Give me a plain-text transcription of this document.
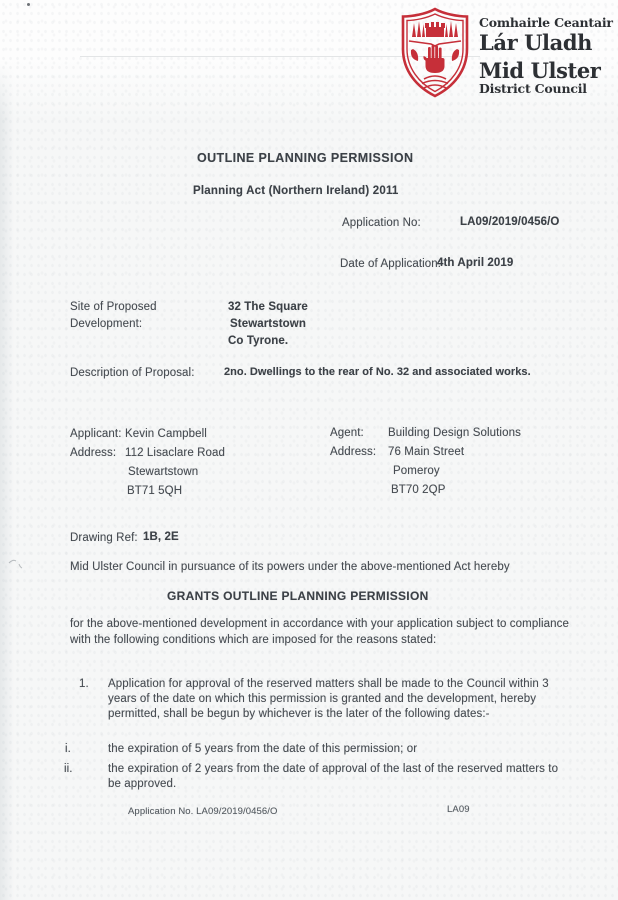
Comhairle Ceantair
Lár Uladh
Mid Ulster
District Council
OUTLINE PLANNING PERMISSION
Planning Act (Northern Ireland) 2011
Application No:	LA09/2019/0456/O
Date of Application:
4th April 2019
Site of Proposed Development:
32 The Square
Stewartstown
Co Tyrone.
Description of Proposal:	2no. Dwellings to the rear of No. 32 and associated works.
Applicant: Kevin Campbell
Address: 112 Lisaclare Road
Stewartstown
BT71 5QH
Agent: Building Design Solutions
Address: 76 Main Street
Pomeroy
BT70 2QP
Drawing Ref: 1B, 2E
Mid Ulster Council in pursuance of its powers under the above-mentioned Act hereby
GRANTS OUTLINE PLANNING PERMISSION
for the above-mentioned development in accordance with your application subject to compliance with the following conditions which are imposed for the reasons stated:
1.	Application for approval of the reserved matters shall be made to the Council within 3 years of the date on which this permission is granted and the development, hereby permitted, shall be begun by whichever is the later of the following dates:-
i.	the expiration of 5 years from the date of this permission; or
ii.	the expiration of 2 years from the date of approval of the last of the reserved matters to be approved.
Application No. LA09/2019/0456/O	LA09
